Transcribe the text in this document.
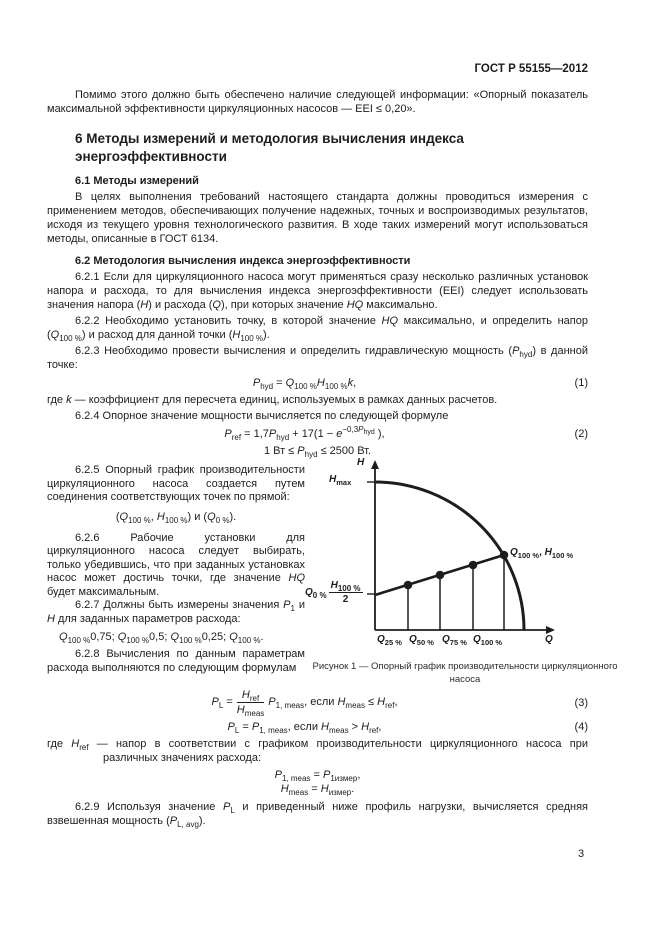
ГОСТ Р 55155—2012

Помимо этого должно быть обеспечено наличие следующей информации: «Опорный показатель максимальной эффективности циркуляционных насосов — EEI ≤ 0,20».

6 Методы измерений и методология вычисления индекса энергоэффективности
6.1 Методы измерений

В целях выполнения требований настоящего стандарта должны проводиться измерения с применением методов, обеспечивающих получение надежных, точных и воспроизводимых результатов, исходя из текущего уровня технологического развития. В ходе таких измерений могут использоваться методы, описанные в ГОСТ 6134.

6.2 Методология вычисления индекса энергоэффективности

6.2.1 Если для циркуляционного насоса могут применяться сразу несколько различных установок напора и расхода, то для вычисления индекса энергоэффективности (EEI) следует использовать значения напора (H) и расхода (Q), при которых значение HQ максимально.

6.2.2 Необходимо установить точку, в которой значение HQ максимально, и определить напор $(Q_{100 \%})$ и расход для данной точки $(H_{100 \%})$.

6.2.3 Необходимо провести вычисления и определить гидравлическую мощность $(P_{hyd})$ в данной точке:

$P_{hyd} = Q_{100 \%}H_{100 \%}k$,	(1)

где k — коэффициент для пересчета единиц, используемых в рамках данных расчетов.

6.2.4 Опорное значение мощности вычисляется по следующей формуле

$P_{ref} = 1,7P_{hyd} + 17(1 - e^{-0,3P_{hyd}}$ ),	(2)
1 Вт ≤ $P_{hyd} \le 2500$ Вт.

6.2.5 Опорный график производительности циркуляционного насоса создается путем соединения соответствующих точек по прямой:

($Q_{100 \%}$, $H_{100 \%}$) и $(Q_{0 \%})$.

6.2.6 Рабочие установки для циркуляционного насоса следует выбирать, только убедившись, что при заданных установках насос может достичь точки, где значение HQ будет максимальным.

6.2.7 Должны быть измерены значения $P_1$ и H для заданных параметров расхода:

$Q_{100 \%}0,75$; $Q_{100 \%}0,5$; $Q_{100 \%}0,25$; $Q_{100 \%}$.

6.2.8 Вычисления по данным параметрам расхода выполняются по следующим формулам

H
$H_{max}$
$Q_{0 \%} \frac{H_{100 \%}}{2}$
$Q_{100 \%}$, $H_{100 \%}$
$Q_{25 \%}$ $Q_{50 \%}$ $Q_{75 \%}$ $Q_{100 \%}$	Q
Рисунок 1 — Опорный график производительности циркуляционного насоса
$P_L = \frac{H_{ref}}{H_{meas}} P_{1, meas}$, если $H_{meas} \le H_{ref}$,	(3)
$P_L = P_{1, meas}$, если $H_{meas} > H_{ref}$,	(4)

где $H_{ref}$ — напор в соответствии с графиком производительности циркуляционного насоса при различных значениях расхода:

$P_{1, meas} = P_{1измер}$,
$H_{meas} = H_{измер}$.

6.2.9 Используя значение $P_L$ и приведенный ниже профиль нагрузки, вычисляется средняя взвешенная мощность $(P_{L, avg})$.

3
